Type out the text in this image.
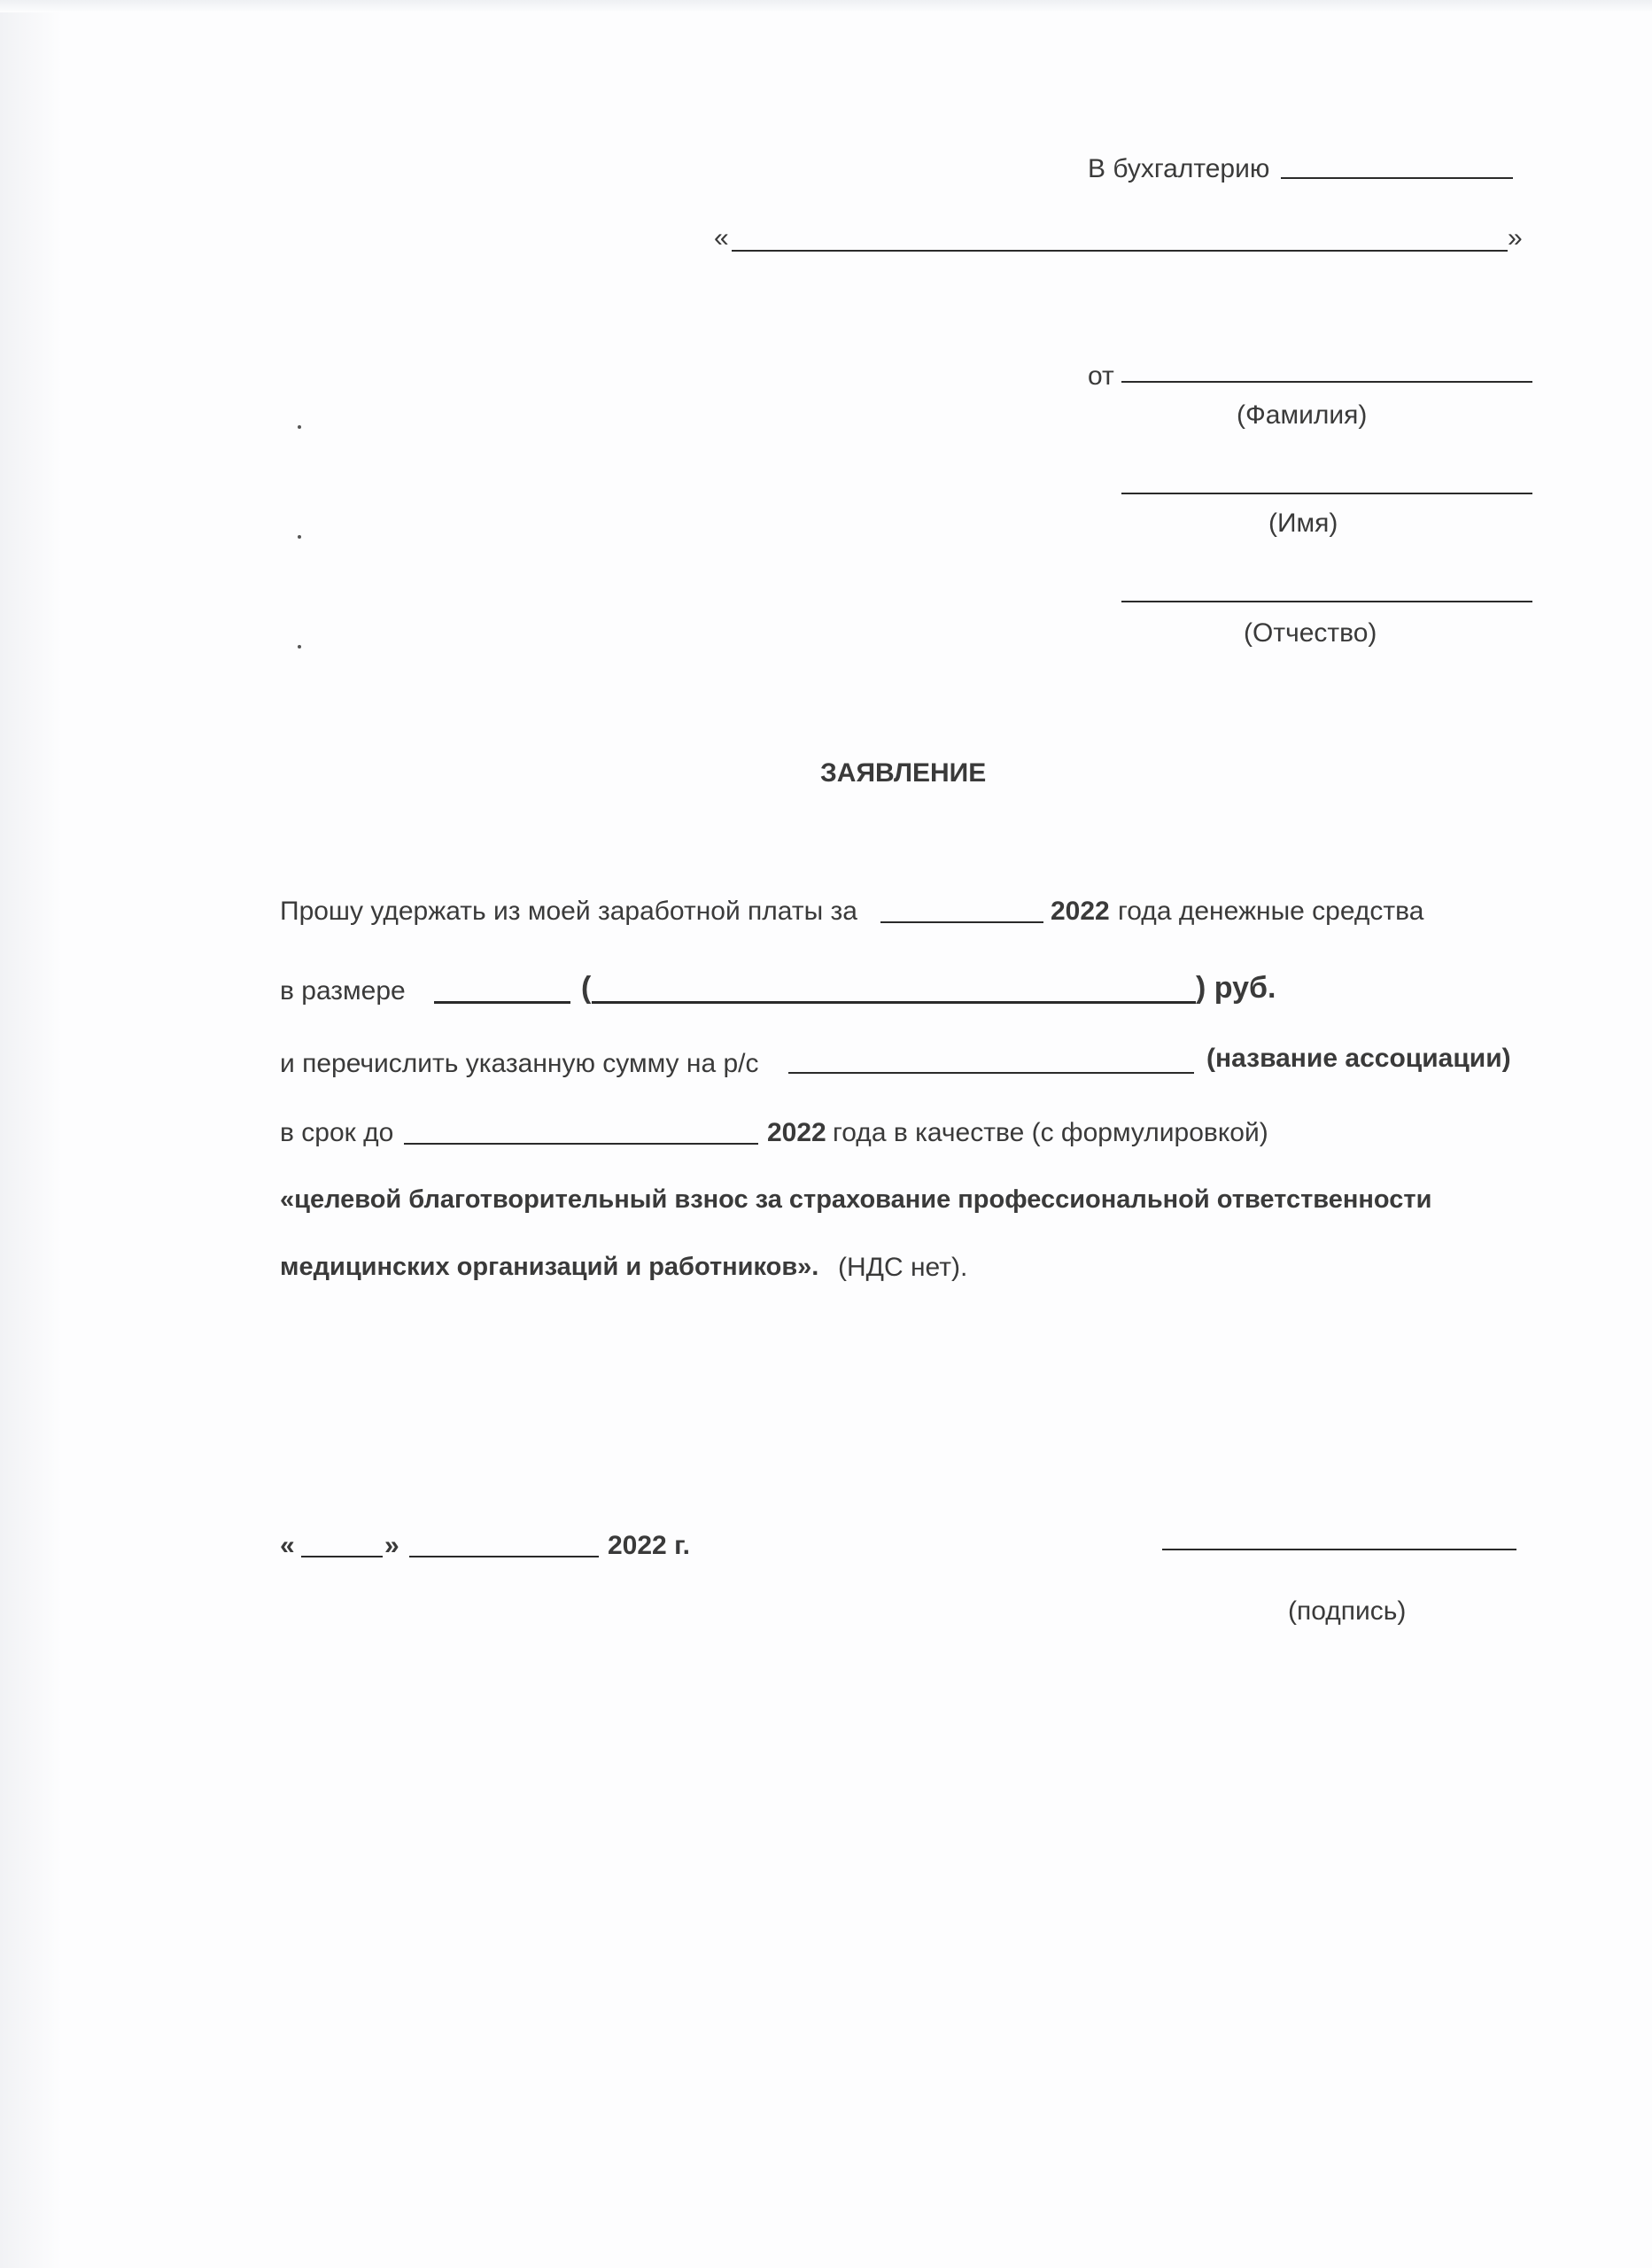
В бухгалтерию
«	»
от
(Фамилия)
(Имя)
(Отчество)
ЗАЯВЛЕНИЕ
Прошу удержать из моей заработной платы за	2022 года денежные средства
в размере	(	) руб.
и перечислить указанную сумму на р/с	(название ассоциации)
в срок до	2022 года в качестве (с формулировкой)
«целевой благотворительный взнос за страхование профессиональной ответственности
медицинских организаций и работников». (НДС нет).
«	»	2022 г.
(подпись)
